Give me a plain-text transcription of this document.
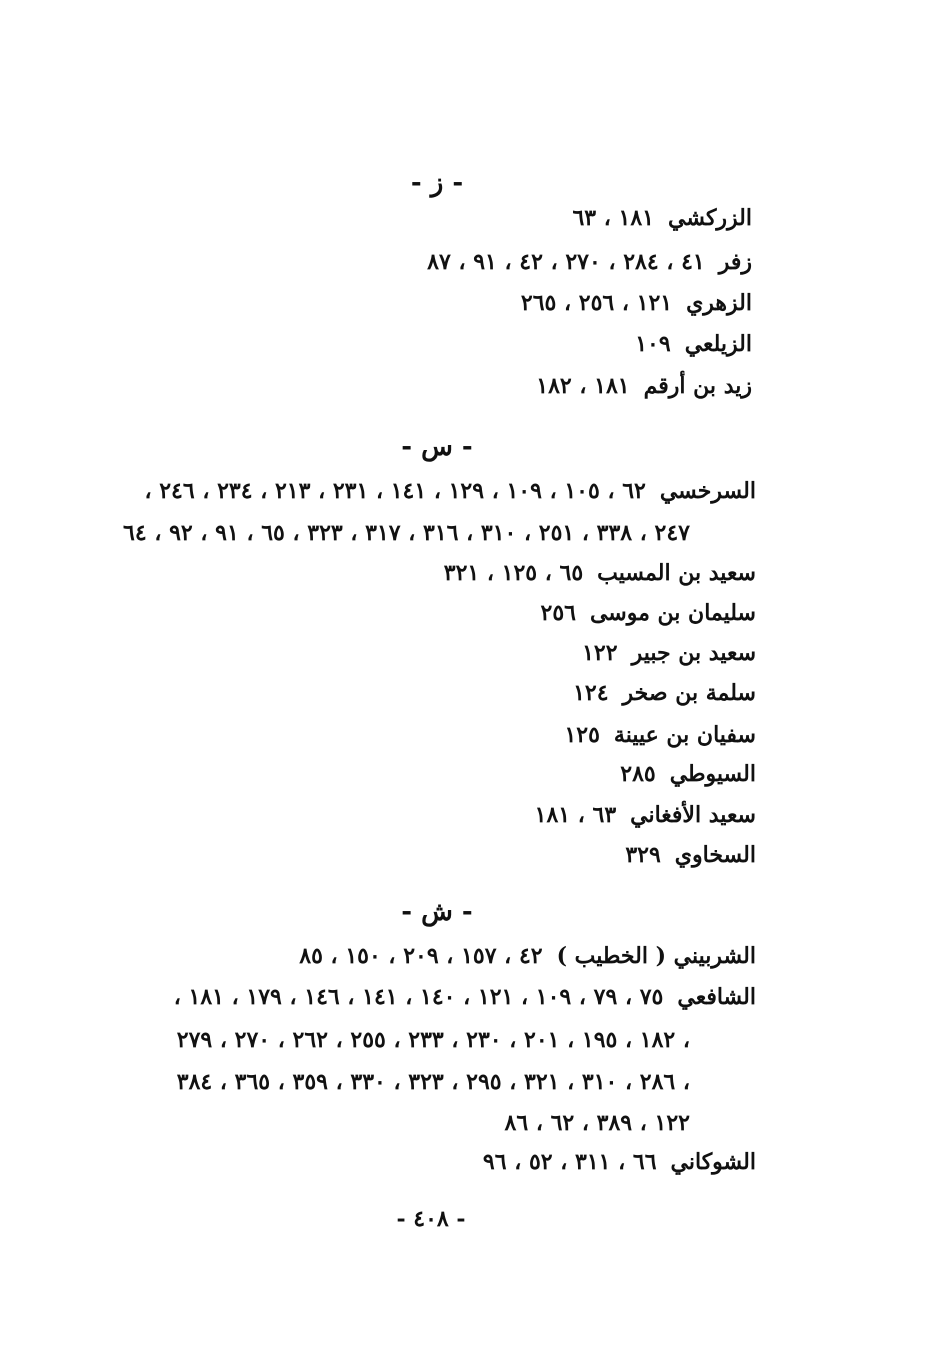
- ز -
الزركشي١٨١ ، ٦٣
زفر٤١ ، ٢٨٤ ، ٢٧٠ ، ٤٢ ، ٩١ ، ٨٧
الزهري١٢١ ، ٢٥٦ ، ٢٦٥
الزيلعي١٠٩
زيد بن أرقم١٨١ ، ١٨٢
- س -
السرخسي٦٢ ، ١٠٥ ، ١٠٩ ، ١٢٩ ، ١٤١ ، ٢٣١ ، ٢١٣ ، ٢٣٤ ، ٢٤٦ ،
٢٤٧ ، ٣٣٨ ، ٢٥١ ، ٣١٠ ، ٣١٦ ، ٣١٧ ، ٣٢٣ ، ٦٥ ، ٩١ ، ٩٢ ، ٦٤
سعيد بن المسيب٦٥ ، ١٢٥ ، ٣٢١
سليمان بن موسى٢٥٦
سعيد بن جبير١٢٢
سلمة بن صخر١٢٤
سفيان بن عيينة١٢٥
السيوطي٢٨٥
سعيد الأفغاني٦٣ ، ١٨١
السخاوي٣٢٩
- ش -
الشربيني ( الخطيب )٤٢ ، ١٥٧ ، ٢٠٩ ، ١٥٠ ، ٨٥
الشافعي٧٥ ، ٧٩ ، ١٠٩ ، ١٢١ ، ١٤٠ ، ١٤١ ، ١٤٦ ، ١٧٩ ، ١٨١ ،
١٨٢ ، ١٩٥ ، ٢٠١ ، ٢٣٠ ، ٢٣٣ ، ٢٥٥ ، ٢٦٢ ، ٢٧٠ ، ٢٧٩ ،
٢٨٦ ، ٣١٠ ، ٣٢١ ، ٢٩٥ ، ٣٢٣ ، ٣٣٠ ، ٣٥٩ ، ٣٦٥ ، ٣٨٤ ،
١٢٢ ، ٣٨٩ ، ٦٢ ، ٨٦
الشوكاني٦٦ ، ٣١١ ، ٥٢ ، ٩٦
- ٤٠٨ -
